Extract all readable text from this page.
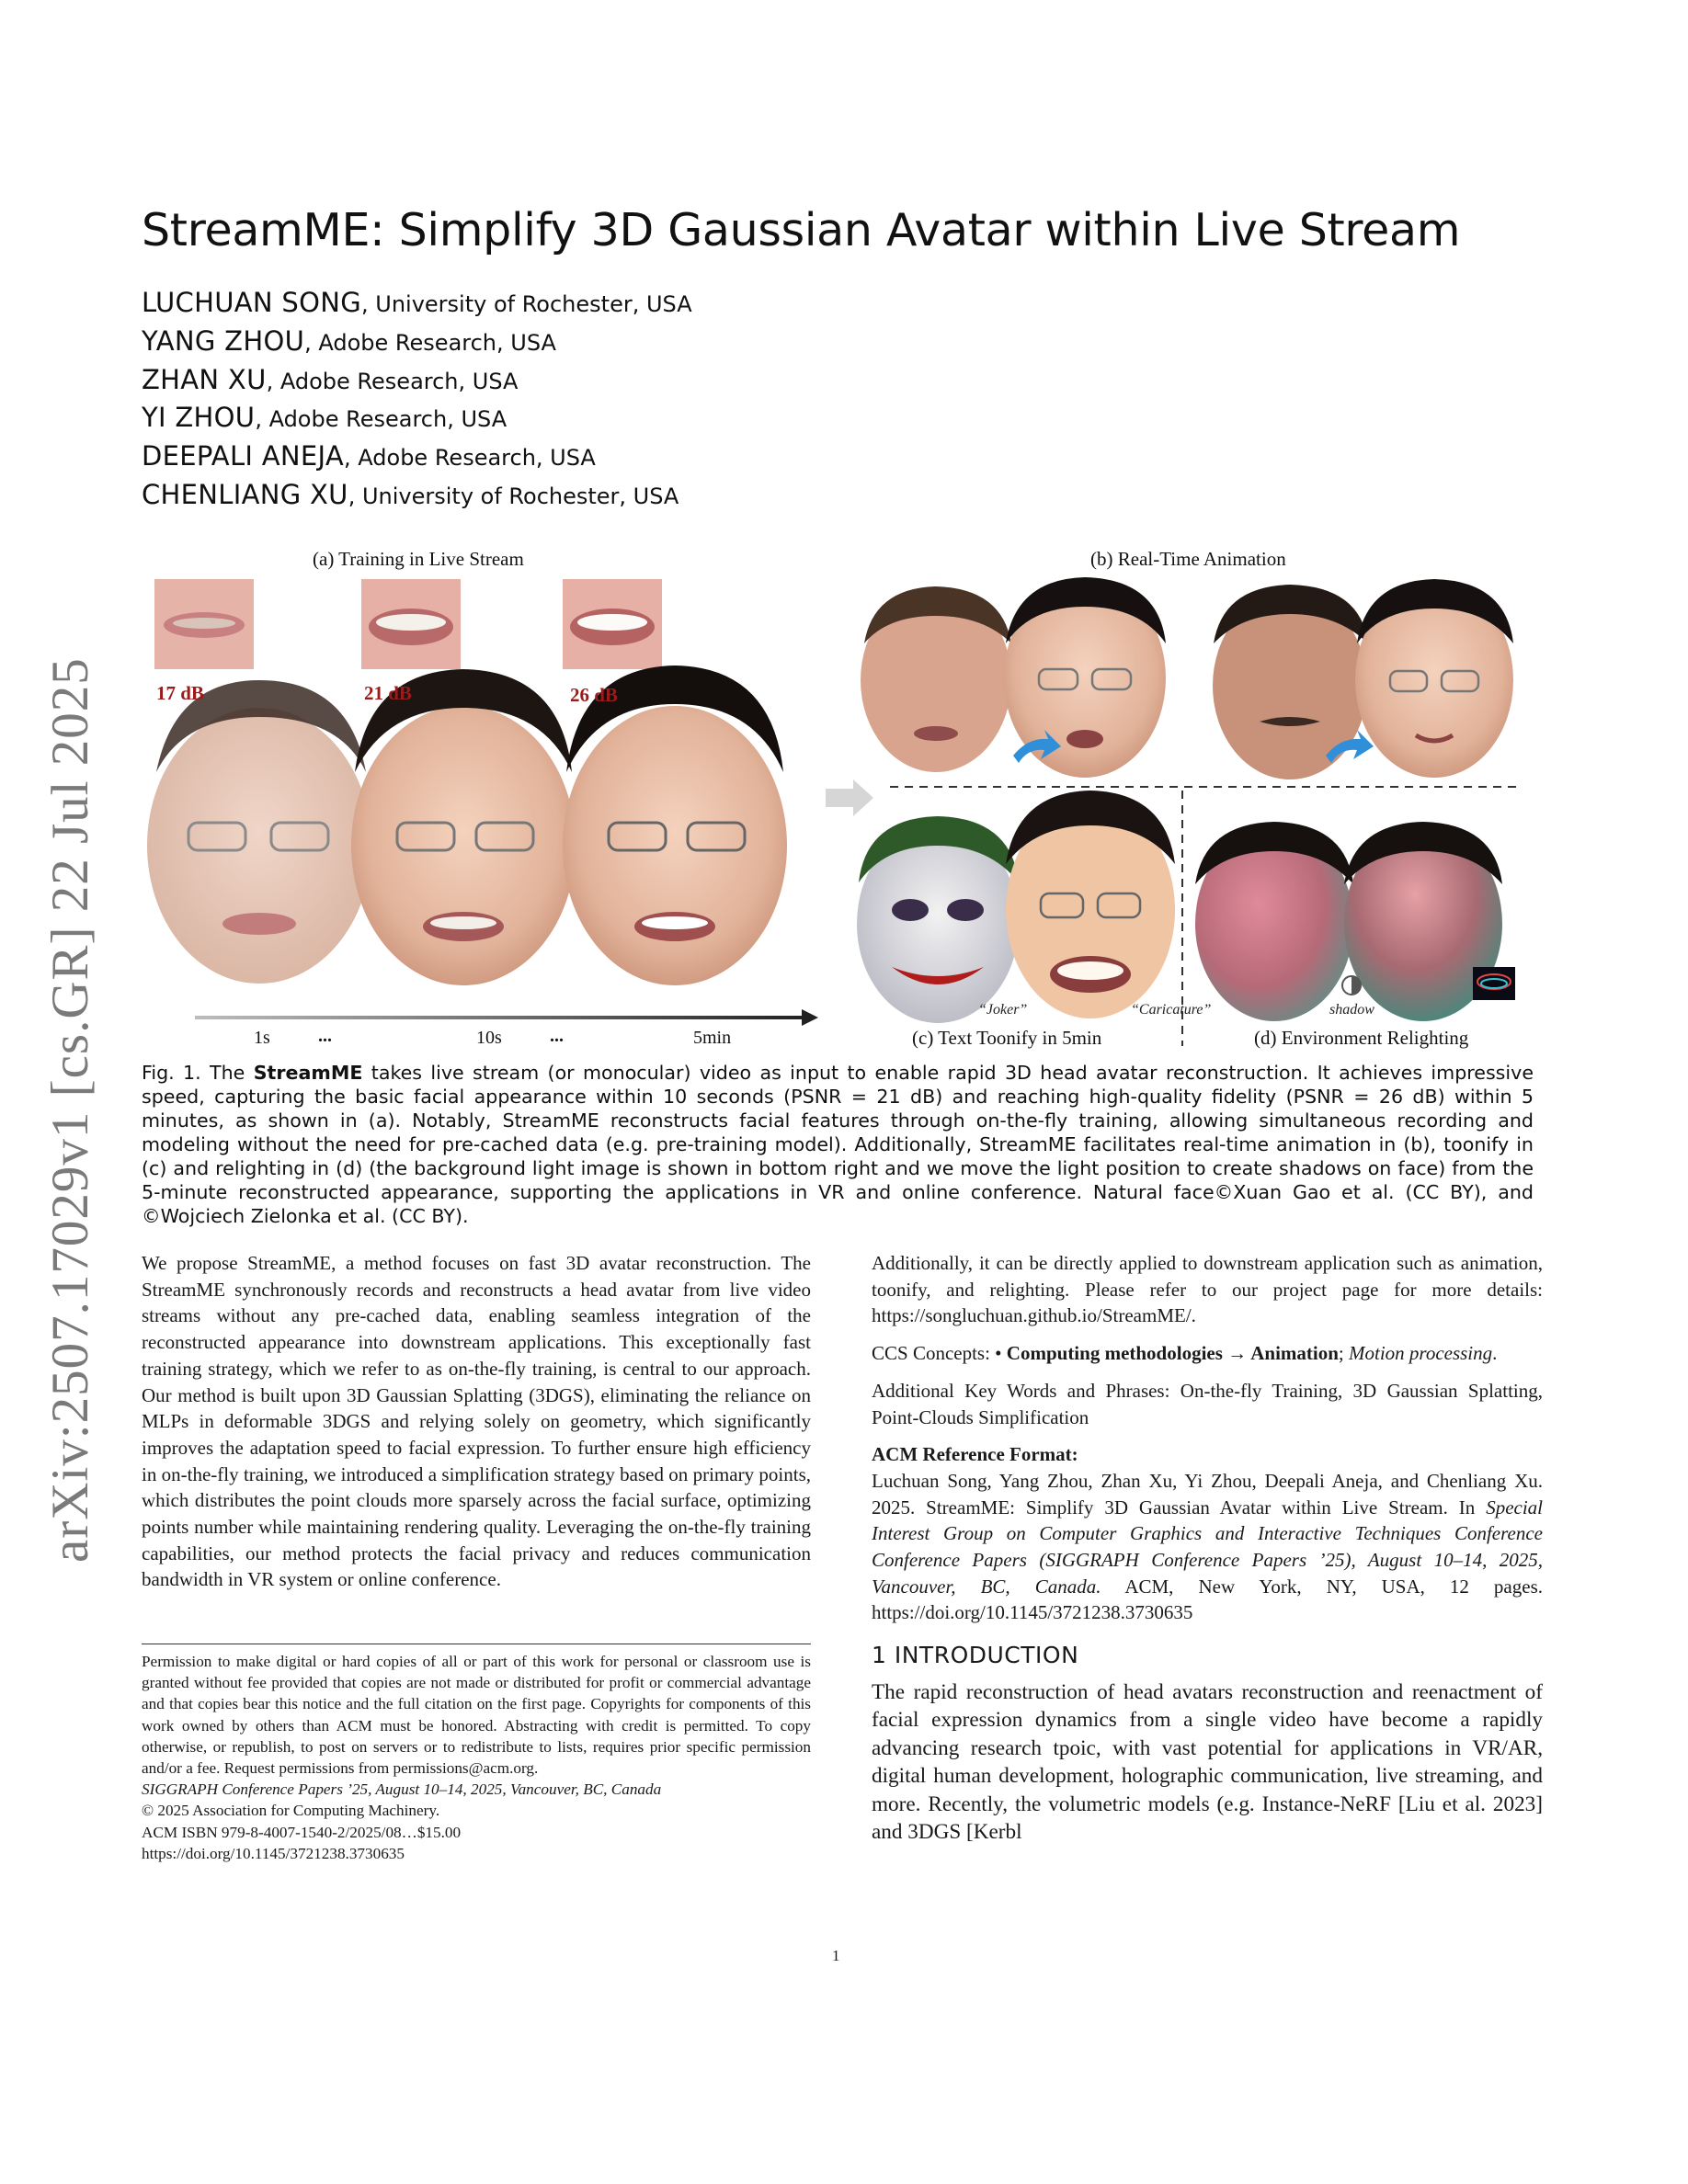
arXiv:2507.17029v1 [cs.GR] 22 Jul 2025
StreamME: Simplify 3D Gaussian Avatar within Live Stream
LUCHUAN SONG, University of Rochester, USA
YANG ZHOU, Adobe Research, USA
ZHAN XU, Adobe Research, USA
YI ZHOU, Adobe Research, USA
DEEPALI ANEJA, Adobe Research, USA
CHENLIANG XU, University of Rochester, USA
(a) Training in Live Stream	(b) Real-Time Animation
17 dB	21 dB	26 dB
1s	...	10s	...	5min
“Joker”	“Caricature”	shadow
(c) Text Toonify in 5min	(d) Environment Relighting
Fig. 1. The StreamME takes live stream (or monocular) video as input to enable rapid 3D head avatar reconstruction. It achieves impressive speed, capturing the basic facial appearance within 10 seconds (PSNR = 21 dB) and reaching high-quality fidelity (PSNR = 26 dB) within 5 minutes, as shown in (a). Notably, StreamME reconstructs facial features through on-the-fly training, allowing simultaneous recording and modeling without the need for pre-cached data (e.g. pre-training model). Additionally, StreamME facilitates real-time animation in (b), toonify in (c) and relighting in (d) (the background light image is shown in bottom right and we move the light position to create shadows on face) from the 5-minute reconstructed appearance, supporting the applications in VR and online conference. Natural face©Xuan Gao et al. (CC BY), and ©Wojciech Zielonka et al. (CC BY).
We propose StreamME, a method focuses on fast 3D avatar reconstruction. The StreamME synchronously records and reconstructs a head avatar from live video streams without any pre-cached data, enabling seamless integration of the reconstructed appearance into downstream applications. This exceptionally fast training strategy, which we refer to as on-the-fly training, is central to our approach. Our method is built upon 3D Gaussian Splatting (3DGS), eliminating the reliance on MLPs in deformable 3DGS and relying solely on geometry, which significantly improves the adaptation speed to facial expression. To further ensure high efficiency in on-the-fly training, we introduced a simplification strategy based on primary points, which distributes the point clouds more sparsely across the facial surface, optimizing points number while maintaining rendering quality. Leveraging the on-the-fly training capabilities, our method protects the facial privacy and reduces communication bandwidth in VR system or online conference.

Additionally, it can be directly applied to downstream application such as animation, toonify, and relighting. Please refer to our project page for more details: https://songluchuan.github.io/StreamME/.

CCS Concepts: • Computing methodologies → Animation; Motion processing.

Additional Key Words and Phrases: On-the-fly Training, 3D Gaussian Splatting, Point-Clouds Simplification

ACM Reference Format:
Luchuan Song, Yang Zhou, Zhan Xu, Yi Zhou, Deepali Aneja, and Chenliang Xu. 2025. StreamME: Simplify 3D Gaussian Avatar within Live Stream. In Special Interest Group on Computer Graphics and Interactive Techniques Conference Conference Papers (SIGGRAPH Conference Papers ’25), August 10–14, 2025, Vancouver, BC, Canada. ACM, New York, NY, USA, 12 pages. https://doi.org/10.1145/3721238.3730635

1 INTRODUCTION
The rapid reconstruction of head avatars reconstruction and reenactment of facial expression dynamics from a single video have become a rapidly advancing research tpoic, with vast potential for applications in VR/AR, digital human development, holographic communication, live streaming, and more. Recently, the volumetric models (e.g. Instance-NeRF [Liu et al. 2023] and 3DGS [Kerbl
Permission to make digital or hard copies of all or part of this work for personal or classroom use is granted without fee provided that copies are not made or distributed for profit or commercial advantage and that copies bear this notice and the full citation on the first page. Copyrights for components of this work owned by others than ACM must be honored. Abstracting with credit is permitted. To copy otherwise, or republish, to post on servers or to redistribute to lists, requires prior specific permission and/or a fee. Request permissions from permissions@acm.org.
SIGGRAPH Conference Papers ’25, August 10–14, 2025, Vancouver, BC, Canada
© 2025 Association for Computing Machinery.
ACM ISBN 979-8-4007-1540-2/2025/08…$15.00
https://doi.org/10.1145/3721238.3730635
1
